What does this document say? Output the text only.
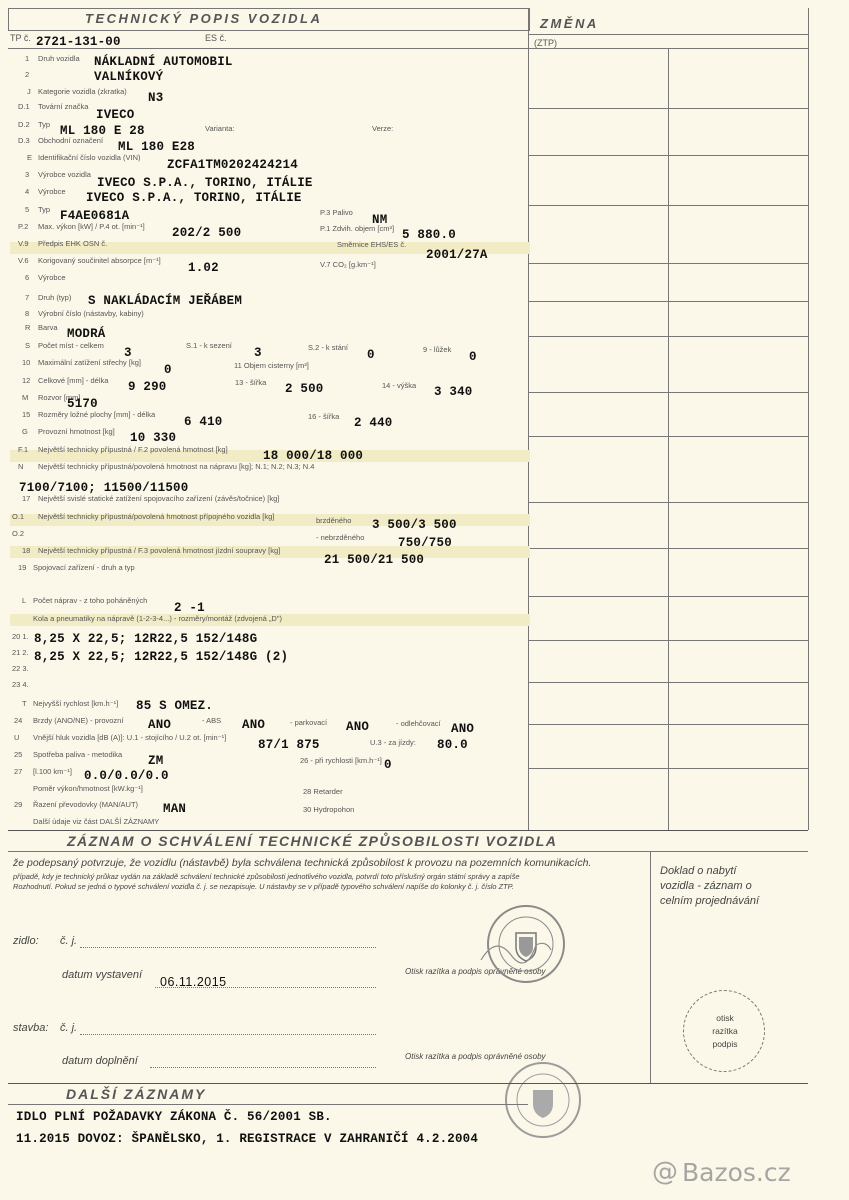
TECHNICKÝ POPIS VOZIDLA	ZMĚNA
(ZTP)
TP č. 2721-131-00	ES č.
1 Druh vozidla NÁKLADNÍ AUTOMOBIL
2	VALNÍKOVÝ
J Kategorie vozidla (zkratka) N3
D.1 Tovární značka
IVECO
D.2 Typ ML 180 E 28	Varianta:	Verze:
D.3 Obchodní označení ML 180 E28
E Identifikační číslo vozidla (VIN)
ZCFA1TM0202424214
3 Výrobce vozidla
IVECO S.P.A., TORINO, ITÁLIE
4 Výrobce IVECO S.P.A., TORINO, ITÁLIE
5 Typ F4AE0681A	P.3 Palivo
NM
P.2 Max. výkon [kW] / P.4 ot. [min⁻¹] 202/2 500	P.1 Zdvih. objem [cm³] 5 880.0
V.9 Předpis EHK OSN č.	Směrnice EHS/ES č.
2001/27A
V.6 Korigovaný součinitel absorpce [m⁻¹]
1.02	V.7 CO₂ [g.km⁻¹]
6 Výrobce
7 Druh (typ) S NAKLÁDACÍM JEŘÁBEM
8 Výrobní číslo (nástavby, kabiny)
R Barva MODRÁ
S Počet míst - celkem
3
S.1 - k sezení
3	S.2 - k stání
0	9 - lůžek
0
10 Maximální zatížení střechy [kg]
0	11 Objem cisterny [m³]
12 Celkové [mm] - délka 9 290	13 - šířka 2 500	14 - výška 3 340
M Rozvor [mm]
5170
15 Rozměry ložné plochy [mm] - délka
6 410	16 - šířka 2 440
G Provozní hmotnost [kg] 10 330
F.1 Největší technicky přípustná / F.2 povolená hmotnost [kg]	18 000/18 000
N Největší technicky přípustná/povolená hmotnost na nápravu [kg]; N.1; N.2; N.3; N.4
7100/7100; 11500/11500
17 Největší svislé statické zatížení spojovacího zařízení (závěs/točnice) [kg]
O.1 Největší technicky přípustná/povolená hmotnost přípojného vozidla [kg]	brzděného 3 500/3 500
O.2	- nebrzděného	750/750
18 Největší technicky přípustná / F.3 povolená hmotnost jízdní soupravy [kg]
21 500/21 500
19 Spojovací zařízení - druh a typ
L Počet náprav - z toho poháněných
2 -1
Kola a pneumatiky na nápravě (1-2-3-4...) - rozměry/montáž (zdvojená „D")
20 1. 8,25 X 22,5; 12R22,5 152/148G
21 2. 8,25 X 22,5; 12R22,5 152/148G (2)
22 3.
23 4.
T Nejvyšší rychlost [km.h⁻¹] 85 S OMEZ.
24 Brzdy (ANO/NE) - provozní ANO	- ABS ANO	- parkovací ANO	- odlehčovací ANO
U Vnější hluk vozidla [dB (A)]: U.1 - stojícího / U.2 ot. [min⁻¹]
87/1 875	U.3 - za jízdy: 80.0
25 Spotřeba paliva - metodika ZM	26 - při rychlosti [km.h⁻¹] 0
27 [l.100 km⁻¹] 0.0/0.0/0.0
Poměr výkon/hmotnost [kW.kg⁻¹]	28 Retarder
29 Řazení převodovky (MAN/AUT) MAN	30 Hydropohon
Další údaje viz část DALŠÍ ZÁZNAMY
ZÁZNAM O SCHVÁLENÍ TECHNICKÉ ZPŮSOBILOSTI VOZIDLA
že podepsaný potvrzuje, že vozidlu (nástavbě) byla schválena technická způsobilost k provozu na pozemních komunikacích.
případě, kdy je technický průkaz vydán na základě schválení technické způsobilosti jednotlivého vozidla, potvrdí toto příslušný orgán státní správy a zapíše
Rozhodnutí. Pokud se jedná o typové schválení vozidla č. j. se nezapisuje. U nástavby se v případě typového schválení napíše do kolonky č. j. číslo ZTP.
Doklad o nabytí vozidla - záznam o celním projednávání
zidlo: č. j.
datum vystavení 06.11.2015
Otisk razítka a podpis oprávněné osoby
stavba: č. j.
datum doplnění	Otisk razítka a podpis oprávněné osoby
otisk razítka podpis
DALŠÍ ZÁZNAMY
IDLO PLNÍ POŽADAVKY ZÁKONA Č. 56/2001 SB.
11.2015 DOVOZ: ŠPANĚLSKO, 1. REGISTRACE V ZAHRANIČÍ 4.2.2004
@ Bazos.cz
